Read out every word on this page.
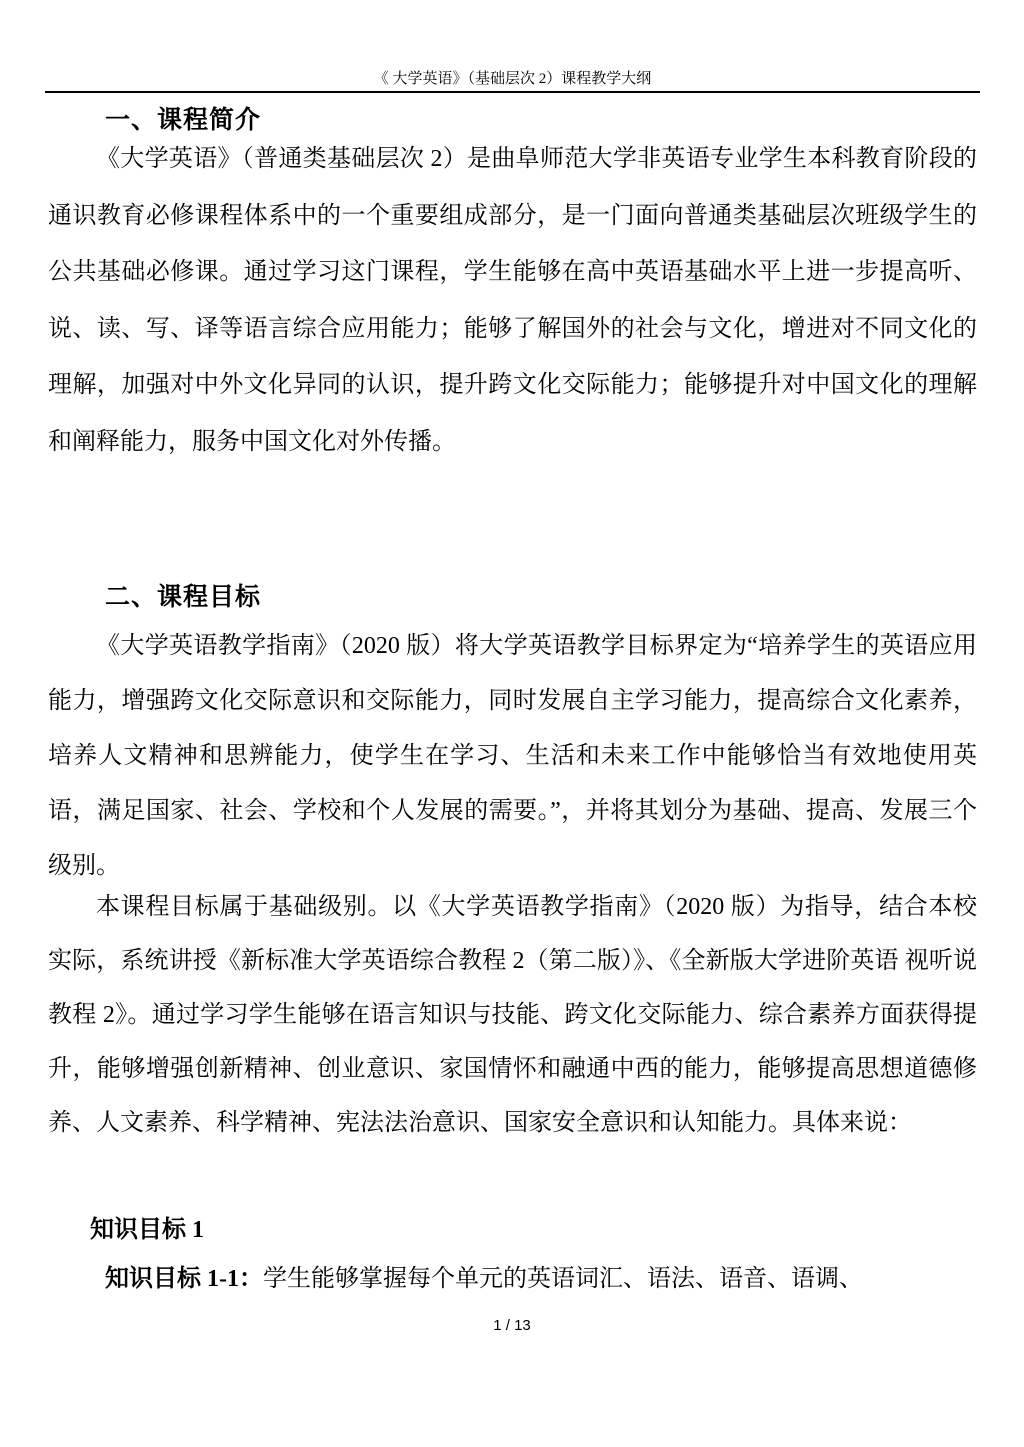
《 大学英语》（基础层次 2）课程教学大纲
一、课程简介
《大学英语》（普通类基础层次 2）是曲阜师范大学非英语专业学生本科教育阶段的通识教育必修课程体系中的一个重要组成部分，是一门面向普通类基础层次班级学生的公共基础必修课。通过学习这门课程，学生能够在高中英语基础水平上进一步提高听、说、读、写、译等语言综合应用能力；能够了解国外的社会与文化，增进对不同文化的理解，加强对中外文化异同的认识，提升跨文化交际能力；能够提升对中国文化的理解和阐释能力，服务中国文化对外传播。
二、课程目标
《大学英语教学指南》（2020 版）将大学英语教学目标界定为“培养学生的英语应用能力，增强跨文化交际意识和交际能力，同时发展自主学习能力，提高综合文化素养，培养人文精神和思辨能力，使学生在学习、生活和未来工作中能够恰当有效地使用英语，满足国家、社会、学校和个人发展的需要。”，并将其划分为基础、提高、发展三个级别。
本课程目标属于基础级别。以《大学英语教学指南》（2020 版）为指导，结合本校实际，系统讲授《新标准大学英语综合教程 2（第二版）》、《全新版大学进阶英语 视听说教程 2》。通过学习学生能够在语言知识与技能、跨文化交际能力、综合素养方面获得提升，能够增强创新精神、创业意识、家国情怀和融通中西的能力，能够提高思想道德修养、人文素养、科学精神、宪法法治意识、国家安全意识和认知能力。具体来说：
知识目标 1
知识目标 1-1：学生能够掌握每个单元的英语词汇、语法、语音、语调、
1 / 13
